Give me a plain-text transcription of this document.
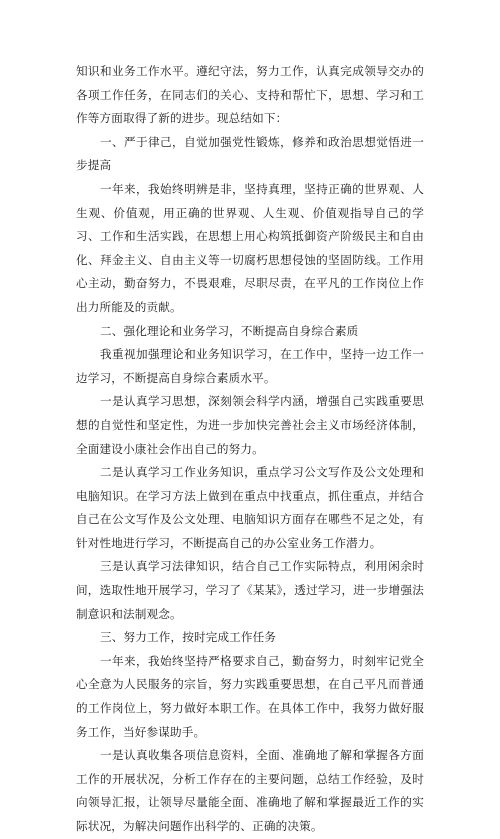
知识和业务工作水平。遵纪守法，努力工作，认真完成领导交办的各项工作任务，在同志们的关心、支持和帮忙下，思想、学习和工作等方面取得了新的进步。现总结如下：

一、严于律己，自觉加强党性锻炼，修养和政治思想觉悟进一步提高

一年来，我始终明辨是非，坚持真理，坚持正确的世界观、人生观、价值观，用正确的世界观、人生观、价值观指导自己的学习、工作和生活实践，在思想上用心构筑抵御资产阶级民主和自由化、拜金主义、自由主义等一切腐朽思想侵蚀的坚固防线。工作用心主动，勤奋努力，不畏艰难，尽职尽责，在平凡的工作岗位上作出力所能及的贡献。

二、强化理论和业务学习，不断提高自身综合素质

我重视加强理论和业务知识学习，在工作中，坚持一边工作一边学习，不断提高自身综合素质水平。

一是认真学习思想，深刻领会科学内涵，增强自己实践重要思想的自觉性和坚定性，为进一步加快完善社会主义市场经济体制，全面建设小康社会作出自己的努力。

二是认真学习工作业务知识，重点学习公文写作及公文处理和电脑知识。在学习方法上做到在重点中找重点，抓住重点，并结合自己在公文写作及公文处理、电脑知识方面存在哪些不足之处，有针对性地进行学习，不断提高自己的办公室业务工作潜力。

三是认真学习法律知识，结合自己工作实际特点，利用闲余时间，选取性地开展学习，学习了《某某》，透过学习，进一步增强法制意识和法制观念。

三、努力工作，按时完成工作任务

一年来，我始终坚持严格要求自己，勤奋努力，时刻牢记党全心全意为人民服务的宗旨，努力实践重要思想，在自己平凡而普通的工作岗位上，努力做好本职工作。在具体工作中，我努力做好服务工作，当好参谋助手。

一是认真收集各项信息资料，全面、准确地了解和掌握各方面工作的开展状况，分析工作存在的主要问题，总结工作经验，及时向领导汇报，让领导尽量能全面、准确地了解和掌握最近工作的实际状况，为解决问题作出科学的、正确的决策。
